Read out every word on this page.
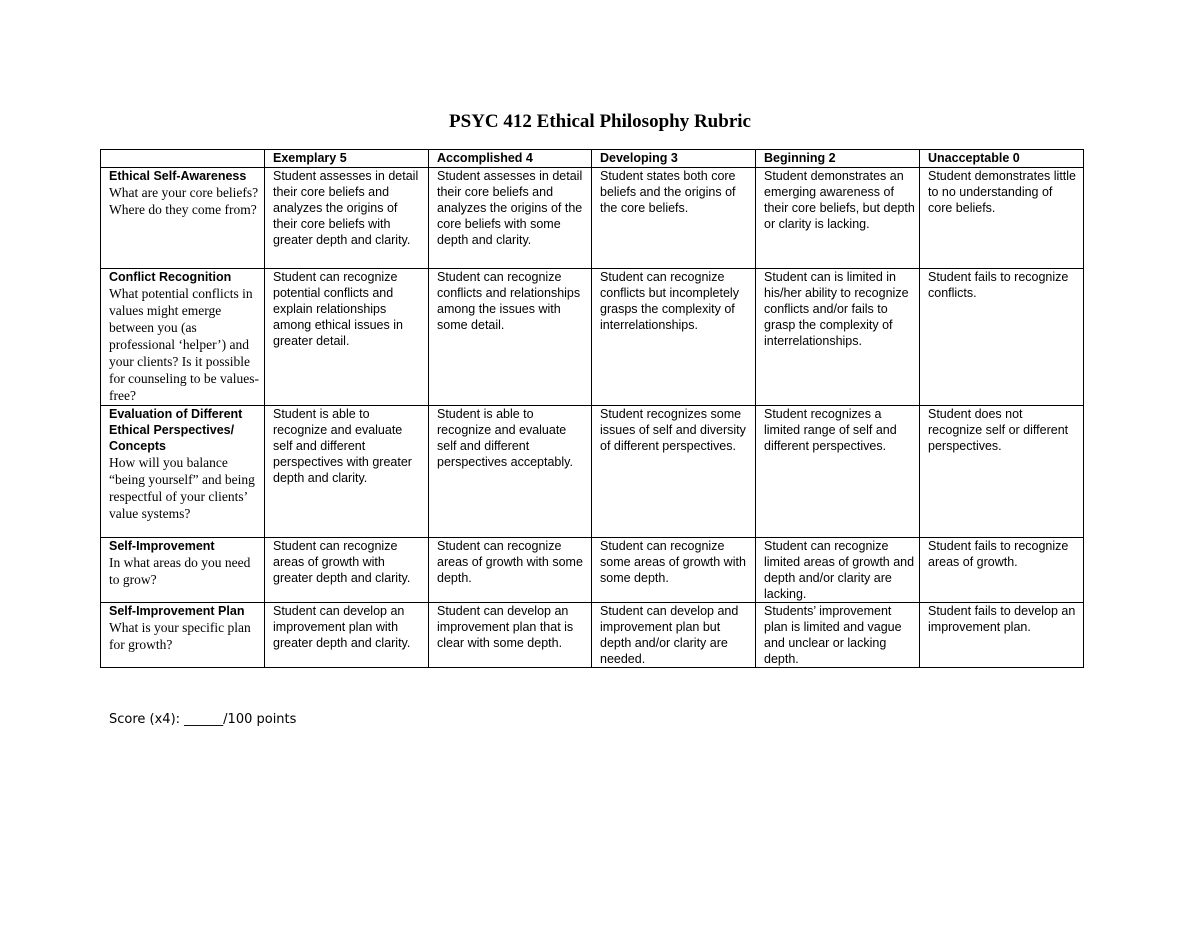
PSYC 412 Ethical Philosophy Rubric
	Exemplary 5	Accomplished 4	Developing 3	Beginning 2	Unacceptable 0

Ethical Self-Awareness
What are your core beliefs? Where do they come from?	Student assesses in detail their core beliefs and analyzes the origins of their core beliefs with greater depth and clarity.	Student assesses in detail their core beliefs and analyzes the origins of the core beliefs with some depth and clarity.	Student states both core beliefs and the origins of the core beliefs.	Student demonstrates an emerging awareness of their core beliefs, but depth or clarity is lacking.	Student demonstrates little to no understanding of core beliefs.

Conflict Recognition
What potential conflicts in values might emerge between you (as professional ‘helper’) and your clients? Is it possible for counseling to be values-free?	Student can recognize potential conflicts and explain relationships among ethical issues in greater detail.	Student can recognize conflicts and relationships among the issues with some detail.	Student can recognize conflicts but incompletely grasps the complexity of interrelationships.	Student can is limited in his/her ability to recognize conflicts and/or fails to grasp the complexity of interrelationships.	Student fails to recognize conflicts.

Evaluation of Different Ethical Perspectives/ Concepts
How will you balance “being yourself” and being respectful of your clients’ value systems?	Student is able to recognize and evaluate self and different perspectives with greater depth and clarity.	Student is able to recognize and evaluate self and different perspectives acceptably.	Student recognizes some issues of self and diversity of different perspectives.	Student recognizes a limited range of self and different perspectives.	Student does not recognize self or different perspectives.

Self-Improvement
In what areas do you need to grow?	Student can recognize areas of growth with greater depth and clarity.	Student can recognize areas of growth with some depth.	Student can recognize some areas of growth with some depth.	Student can recognize limited areas of growth and depth and/or clarity are lacking.	Student fails to recognize areas of growth.

Self-Improvement Plan
What is your specific plan for growth?	Student can develop an improvement plan with greater depth and clarity.	Student can develop an improvement plan that is clear with some depth.	Student can develop and improvement plan but depth and/or clarity are needed.	Students’ improvement plan is limited and vague and unclear or lacking depth.	Student fails to develop an improvement plan.
Score (x4): ______/100 points
